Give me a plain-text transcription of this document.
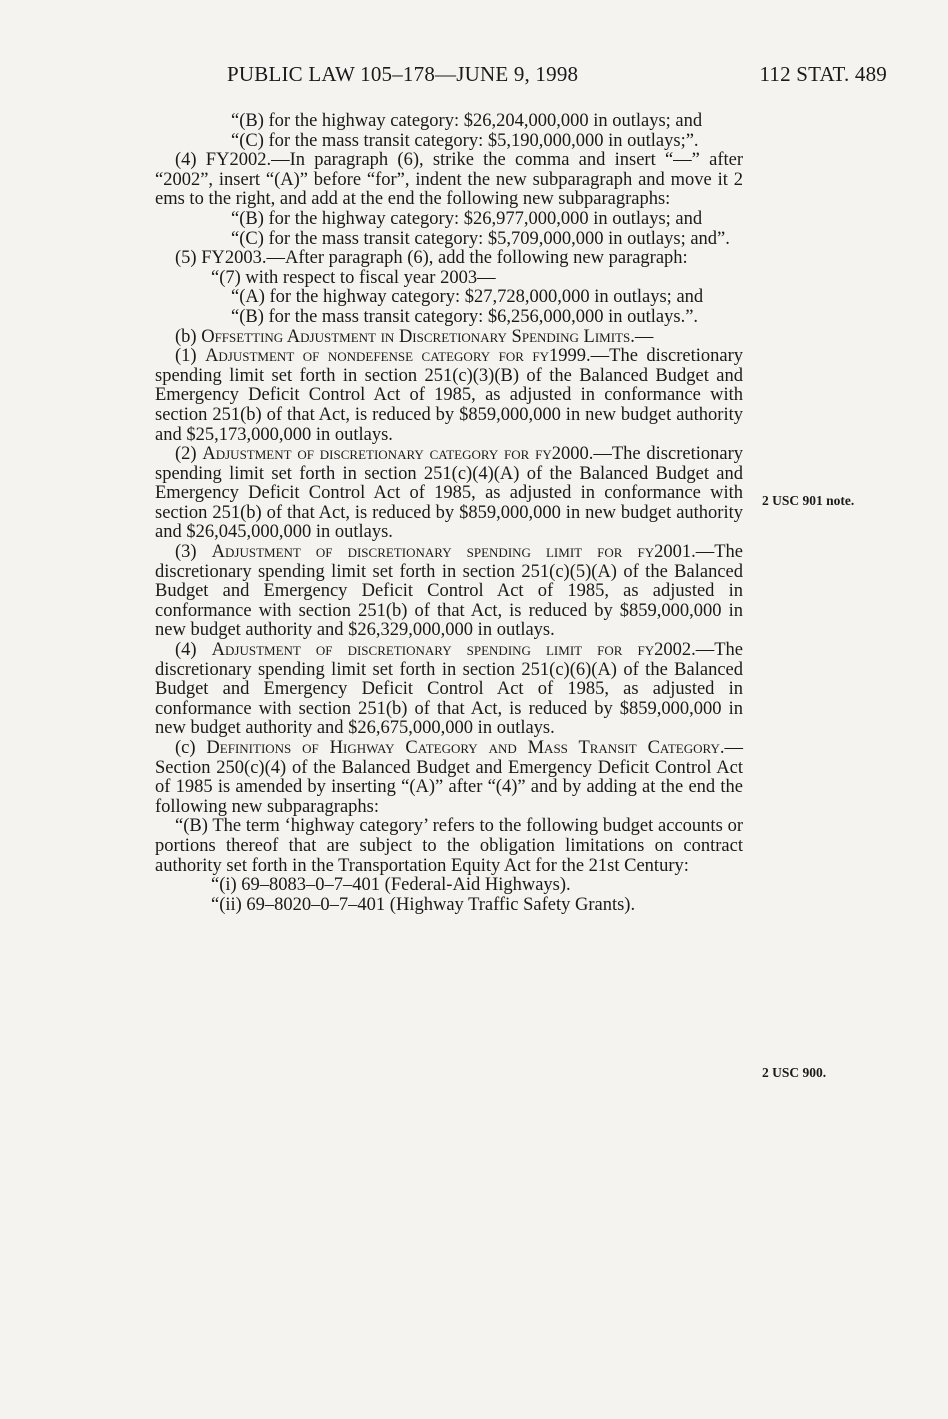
PUBLIC LAW 105–178—JUNE 9, 1998	112 STAT. 489

“(B) for the highway category: $26,204,000,000 in outlays; and

“(C) for the mass transit category: $5,190,000,000 in outlays;”.

(4) FY2002.—In paragraph (6), strike the comma and insert “—” after “2002”, insert “(A)” before “for”, indent the new subparagraph and move it 2 ems to the right, and add at the end the following new subparagraphs:

“(B) for the highway category: $26,977,000,000 in outlays; and

“(C) for the mass transit category: $5,709,000,000 in outlays; and”.

(5) FY2003.—After paragraph (6), add the following new paragraph:

“(7) with respect to fiscal year 2003—

“(A) for the highway category: $27,728,000,000 in outlays; and

“(B) for the mass transit category: $6,256,000,000 in outlays.”.

(b) Offsetting Adjustment in Discretionary Spending Limits.—

(1) Adjustment of nondefense category for fy1999.—The discretionary spending limit set forth in section 251(c)(3)(B) of the Balanced Budget and Emergency Deficit Control Act of 1985, as adjusted in conformance with section 251(b) of that Act, is reduced by $859,000,000 in new budget authority and $25,173,000,000 in outlays.

(2) Adjustment of discretionary category for fy2000.—The discretionary spending limit set forth in section 251(c)(4)(A) of the Balanced Budget and Emergency Deficit Control Act of 1985, as adjusted in conformance with section 251(b) of that Act, is reduced by $859,000,000 in new budget authority and $26,045,000,000 in outlays.

(3) Adjustment of discretionary spending limit for fy2001.—The discretionary spending limit set forth in section 251(c)(5)(A) of the Balanced Budget and Emergency Deficit Control Act of 1985, as adjusted in conformance with section 251(b) of that Act, is reduced by $859,000,000 in new budget authority and $26,329,000,000 in outlays.

(4) Adjustment of discretionary spending limit for fy2002.—The discretionary spending limit set forth in section 251(c)(6)(A) of the Balanced Budget and Emergency Deficit Control Act of 1985, as adjusted in conformance with section 251(b) of that Act, is reduced by $859,000,000 in new budget authority and $26,675,000,000 in outlays.

(c) Definitions of Highway Category and Mass Transit Category.—Section 250(c)(4) of the Balanced Budget and Emergency Deficit Control Act of 1985 is amended by inserting “(A)” after “(4)” and by adding at the end the following new subparagraphs:

“(B) The term ‘highway category’ refers to the following budget accounts or portions thereof that are subject to the obligation limitations on contract authority set forth in the Transportation Equity Act for the 21st Century:

“(i) 69–8083–0–7–401 (Federal-Aid Highways).

“(ii) 69–8020–0–7–401 (Highway Traffic Safety Grants).

2 USC 901 note.
2 USC 900.
